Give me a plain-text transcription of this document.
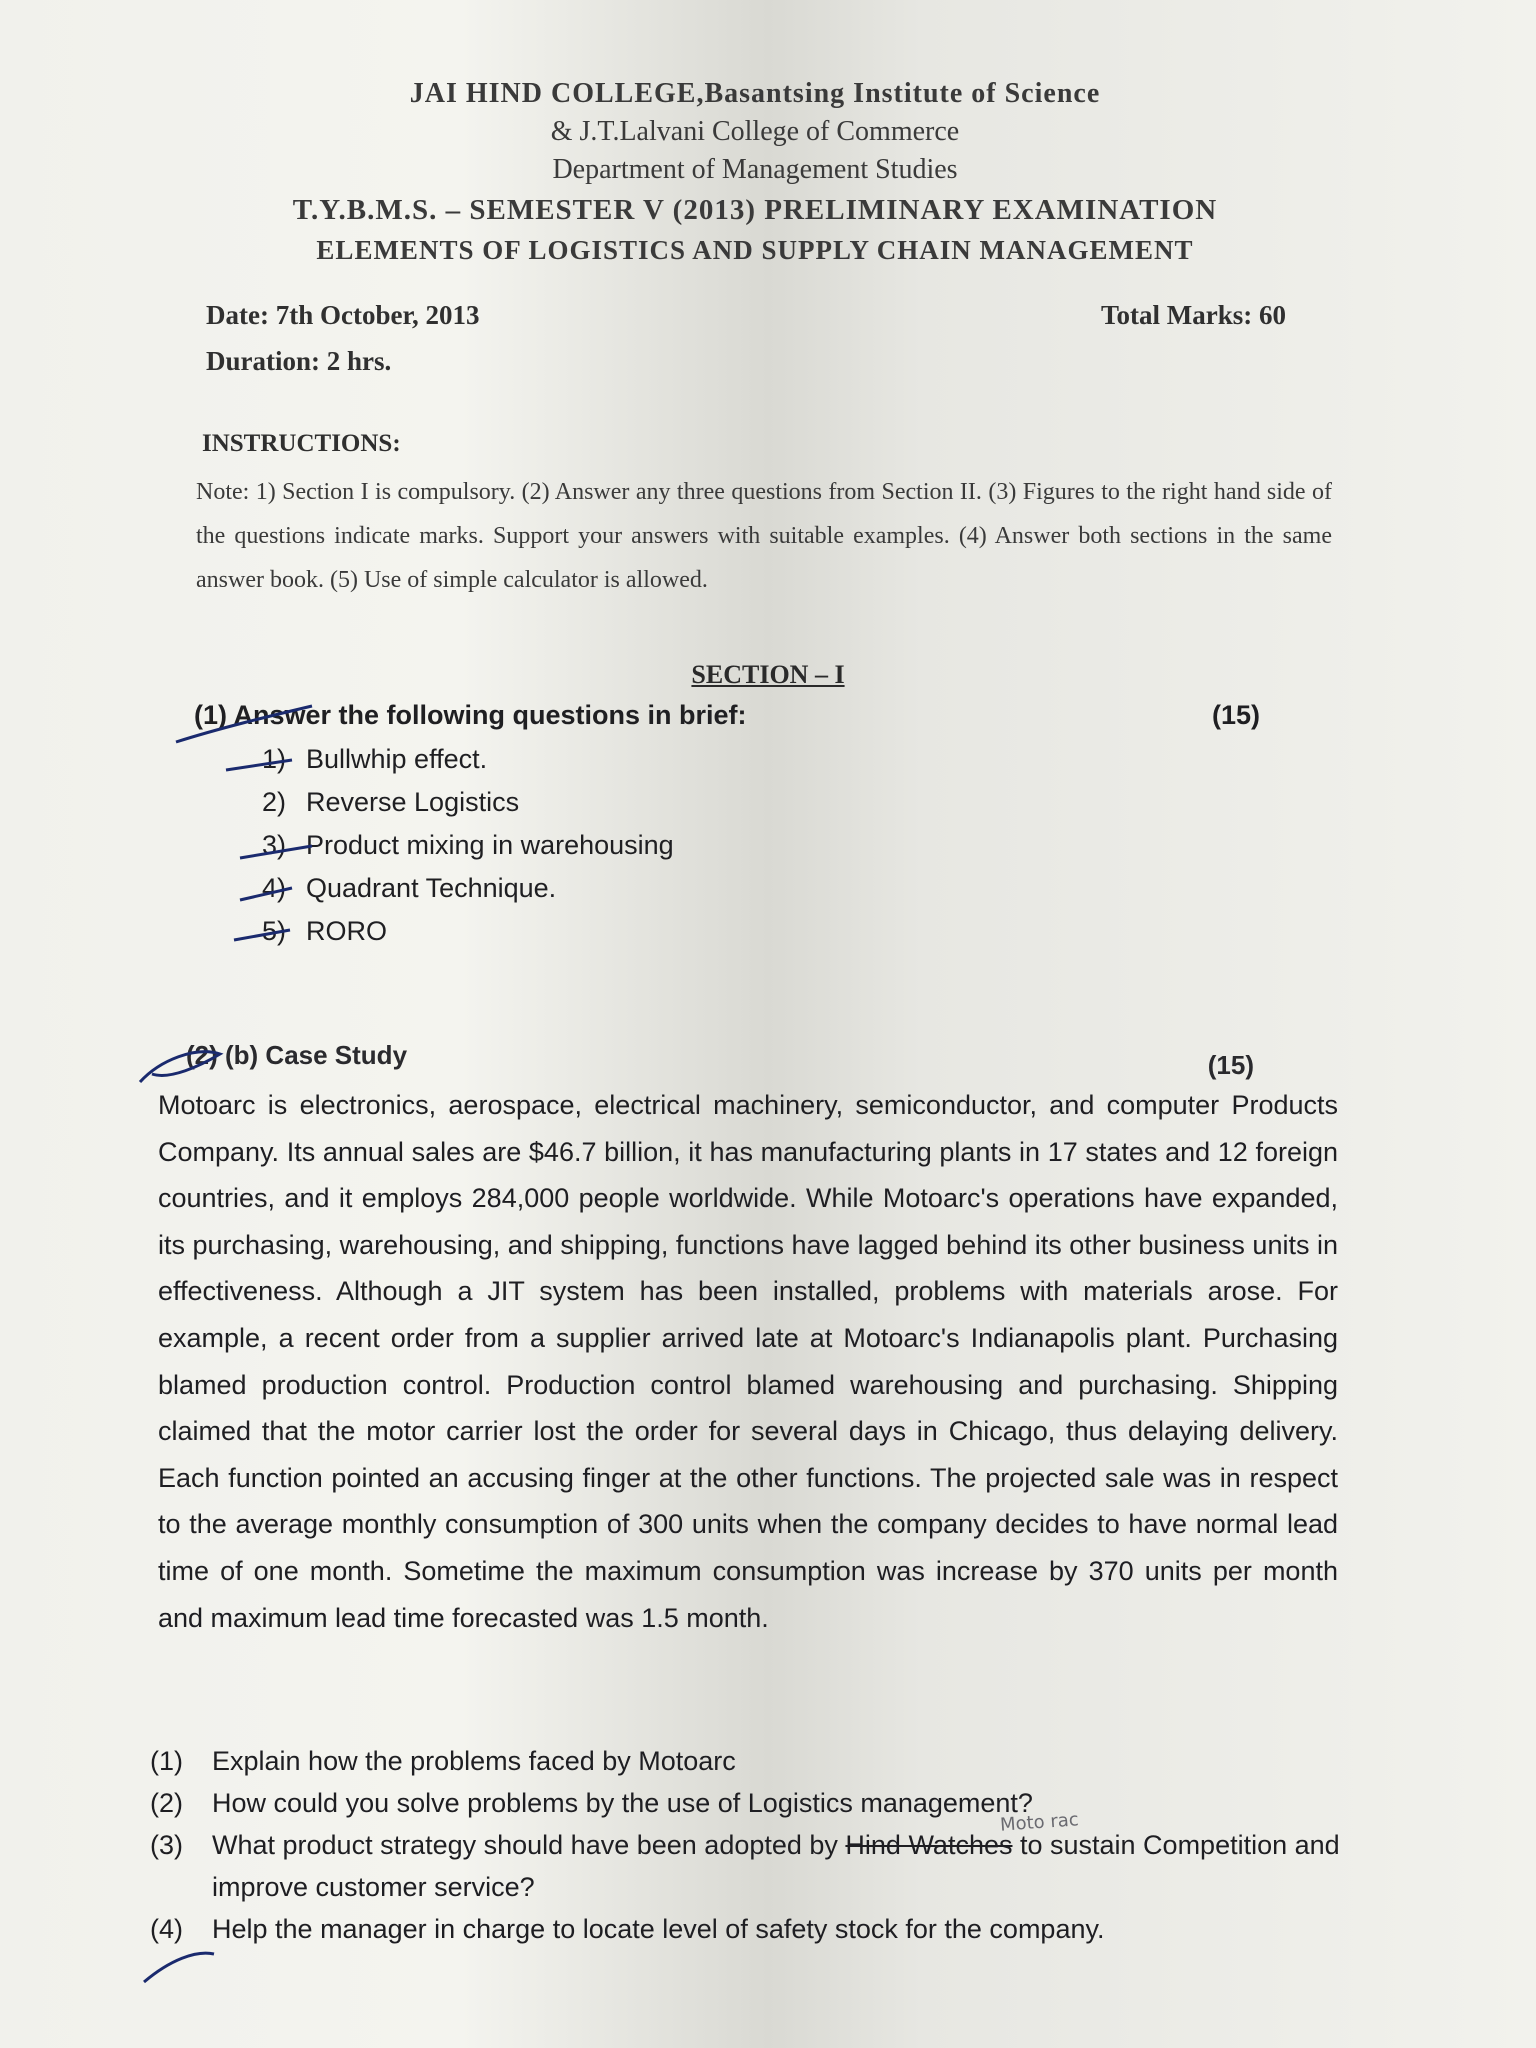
JAI HIND COLLEGE,Basantsing Institute of Science
& J.T.Lalvani College of Commerce
Department of Management Studies
T.Y.B.M.S. – SEMESTER V (2013) PRELIMINARY EXAMINATION
ELEMENTS OF LOGISTICS AND SUPPLY CHAIN MANAGEMENT
Date: 7th October, 2013	Total Marks: 60
Duration: 2 hrs.
INSTRUCTIONS:
Note: 1) Section I is compulsory. (2) Answer any three questions from Section II. (3) Figures to the right hand side of the questions indicate marks. Support your answers with suitable examples. (4) Answer both sections in the same answer book. (5) Use of simple calculator is allowed.
SECTION – I
(1) Answer the following questions in brief:	(15)
1) Bullwhip effect.
2) Reverse Logistics
3) Product mixing in warehousing
4) Quadrant Technique.
5) RORO
(2) (b) Case Study	(15)
Motoarc is electronics, aerospace, electrical machinery, semiconductor, and computer Products Company. Its annual sales are $46.7 billion, it has manufacturing plants in 17 states and 12 foreign countries, and it employs 284,000 people worldwide. While Motoarc's operations have expanded, its purchasing, warehousing, and shipping, functions have lagged behind its other business units in effectiveness. Although a JIT system has been installed, problems with materials arose. For example, a recent order from a supplier arrived late at Motoarc's Indianapolis plant. Purchasing blamed production control. Production control blamed warehousing and purchasing. Shipping claimed that the motor carrier lost the order for several days in Chicago, thus delaying delivery. Each function pointed an accusing finger at the other functions. The projected sale was in respect to the average monthly consumption of 300 units when the company decides to have normal lead time of one month. Sometime the maximum consumption was increase by 370 units per month and maximum lead time forecasted was 1.5 month.
(1)	Explain how the problems faced by Motoarc
(2)	How could you solve problems by the use of Logistics management?
(3)	What product strategy should have been adopted by Hind Watches to sustain Competition and improve customer service?
(4)	Help the manager in charge to locate level of safety stock for the company.
Moto rac
